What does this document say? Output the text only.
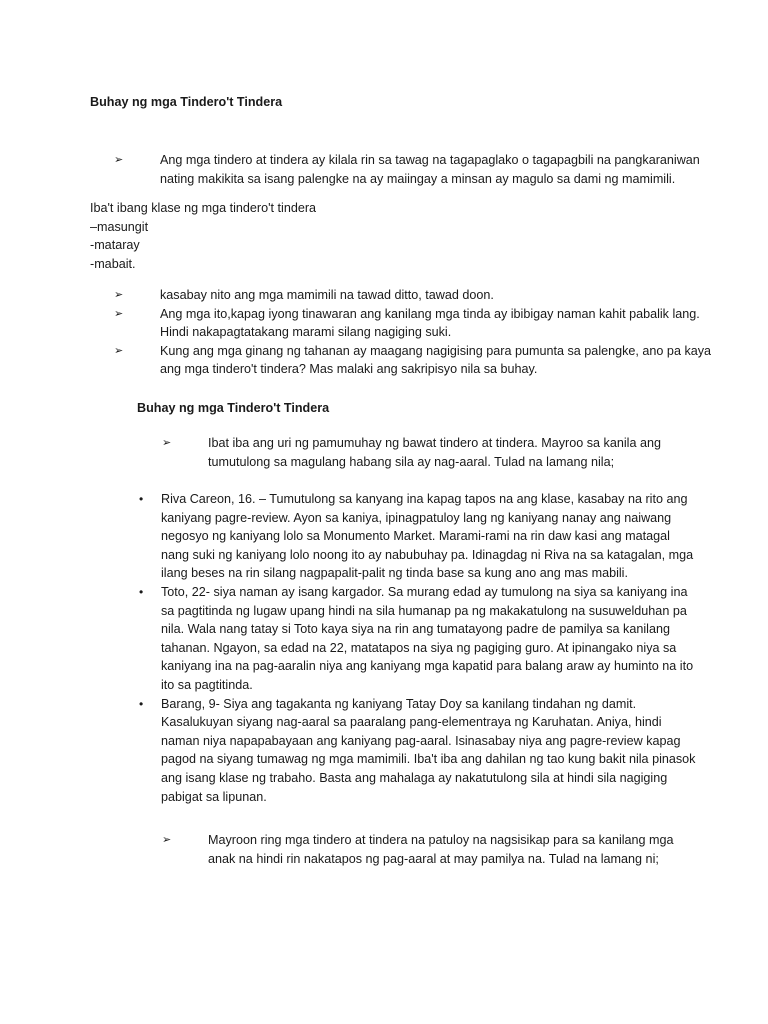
Buhay ng mga Tindero't Tindera
➢	Ang mga tindero at tindera ay kilala rin sa tawag na tagapaglako o tagapagbili na pangkaraniwan nating makikita sa isang palengke na ay maiingay a minsan ay magulo sa dami ng mamimili.
Iba't ibang klase ng mga tindero't tindera
–masungit
-mataray
-mabait.
➢	kasabay nito ang mga mamimili na tawad ditto, tawad doon.
➢	Ang mga ito,kapag iyong tinawaran ang kanilang mga tinda ay ibibigay naman kahit pabalik lang. Hindi nakapagtatakang marami silang nagiging suki.
➢	Kung ang mga ginang ng tahanan ay maagang nagigising para pumunta sa palengke, ano pa kaya ang mga tindero't tindera? Mas malaki ang sakripisyo nila sa buhay.
Buhay ng mga Tindero't Tindera
➢	Ibat iba ang uri ng pamumuhay ng bawat tindero at tindera. Mayroo sa kanila ang tumutulong sa magulang habang sila ay nag-aaral. Tulad na lamang nila;
•	Riva Careon, 16. – Tumutulong sa kanyang ina kapag tapos na ang klase, kasabay na rito ang kaniyang pagre-review. Ayon sa kaniya, ipinagpatuloy lang ng kaniyang nanay ang naiwang negosyo ng kaniyang lolo sa Monumento Market. Marami-rami na rin daw kasi ang matagal nang suki ng kaniyang lolo noong ito ay nabubuhay pa. Idinagdag ni Riva na sa katagalan, mga ilang beses na rin silang nagpapalit-palit ng tinda base sa kung ano ang mas mabili.
•	Toto, 22- siya naman ay isang kargador. Sa murang edad ay tumulong na siya sa kaniyang ina sa pagtitinda ng lugaw upang hindi na sila humanap pa ng makakatulong na susuwelduhan pa nila. Wala nang tatay si Toto kaya siya na rin ang tumatayong padre de pamilya sa kanilang tahanan. Ngayon, sa edad na 22, matatapos na siya ng pagiging guro. At ipinangako niya sa kaniyang ina na pag-aaralin niya ang kaniyang mga kapatid para balang araw ay huminto na ito ito sa pagtitinda.
•	Barang, 9- Siya ang tagakanta ng kaniyang Tatay Doy sa kanilang tindahan ng damit. Kasalukuyan siyang nag-aaral sa paaralang pang-elementraya ng Karuhatan. Aniya, hindi naman niya napapabayaan ang kaniyang pag-aaral. Isinasabay niya ang pagre-review kapag pagod na siyang tumawag ng mga mamimili. Iba't iba ang dahilan ng tao kung bakit nila pinasok ang isang klase ng trabaho. Basta ang mahalaga ay nakatutulong sila at hindi sila nagiging pabigat sa lipunan.
➢	Mayroon ring mga tindero at tindera na patuloy na nagsisikap para sa kanilang mga anak na hindi rin nakatapos ng pag-aaral at may pamilya na. Tulad na lamang ni;
